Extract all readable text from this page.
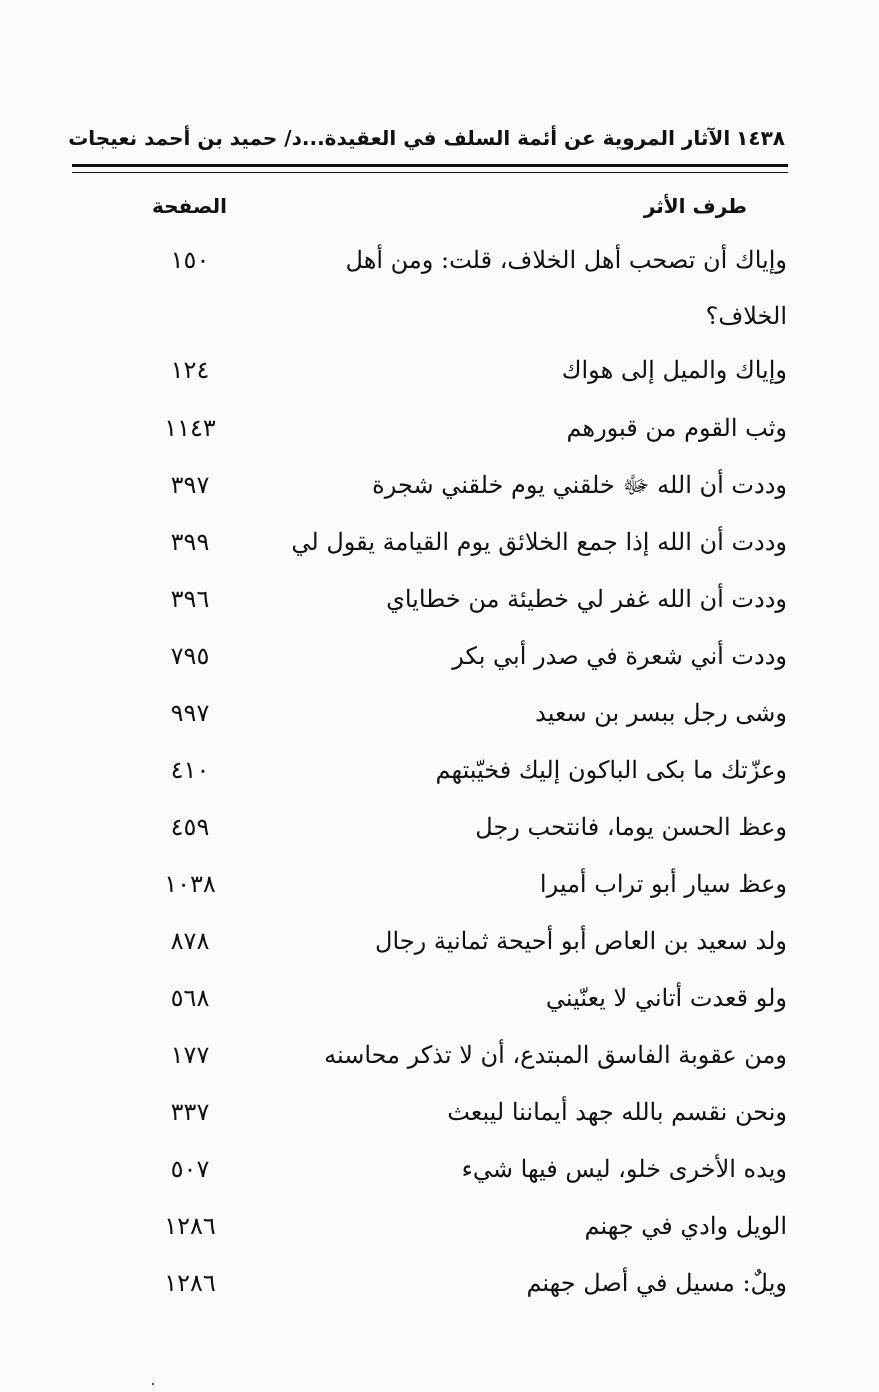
١٤٣٨الآثار المروية عن أئمة السلف في العقيدة...د/ حميد بن أحمد نعيجات
طرف الأثر
الصفحة
وإياك أن تصحب أهل الخلاف، قلت: ومن أهل الخلاف؟
١٥٠
وإياك والميل إلى هواك
١٢٤
وثب القوم من قبورهم
١١٤٣
وددت أن الله ﷻ خلقني يوم خلقني شجرة
٣٩٧
وددت أن الله إذا جمع الخلائق يوم القيامة يقول لي
٣٩٩
وددت أن الله غفر لي خطيئة من خطاياي
٣٩٦
وددت أني شعرة في صدر أبي بكر
٧٩٥
وشى رجل ببسر بن سعيد
٩٩٧
وعزّتك ما بكى الباكون إليك فخيّبتهم
٤١٠
وعظ الحسن يوما، فانتحب رجل
٤٥٩
وعظ سيار أبو تراب أميرا
١٠٣٨
ولد سعيد بن العاص أبو أحيحة ثمانية رجال
٨٧٨
ولو قعدت أتاني لا يعنّيني
٥٦٨
ومن عقوبة الفاسق المبتدع، أن لا تذكر محاسنه
١٧٧
ونحن نقسم بالله جهد أيماننا ليبعث
٣٣٧
ويده الأخرى خلو، ليس فيها شيء
٥٠٧
الويل وادي في جهنم
١٢٨٦
ويلٌ: مسيل في أصل جهنم
١٢٨٦
